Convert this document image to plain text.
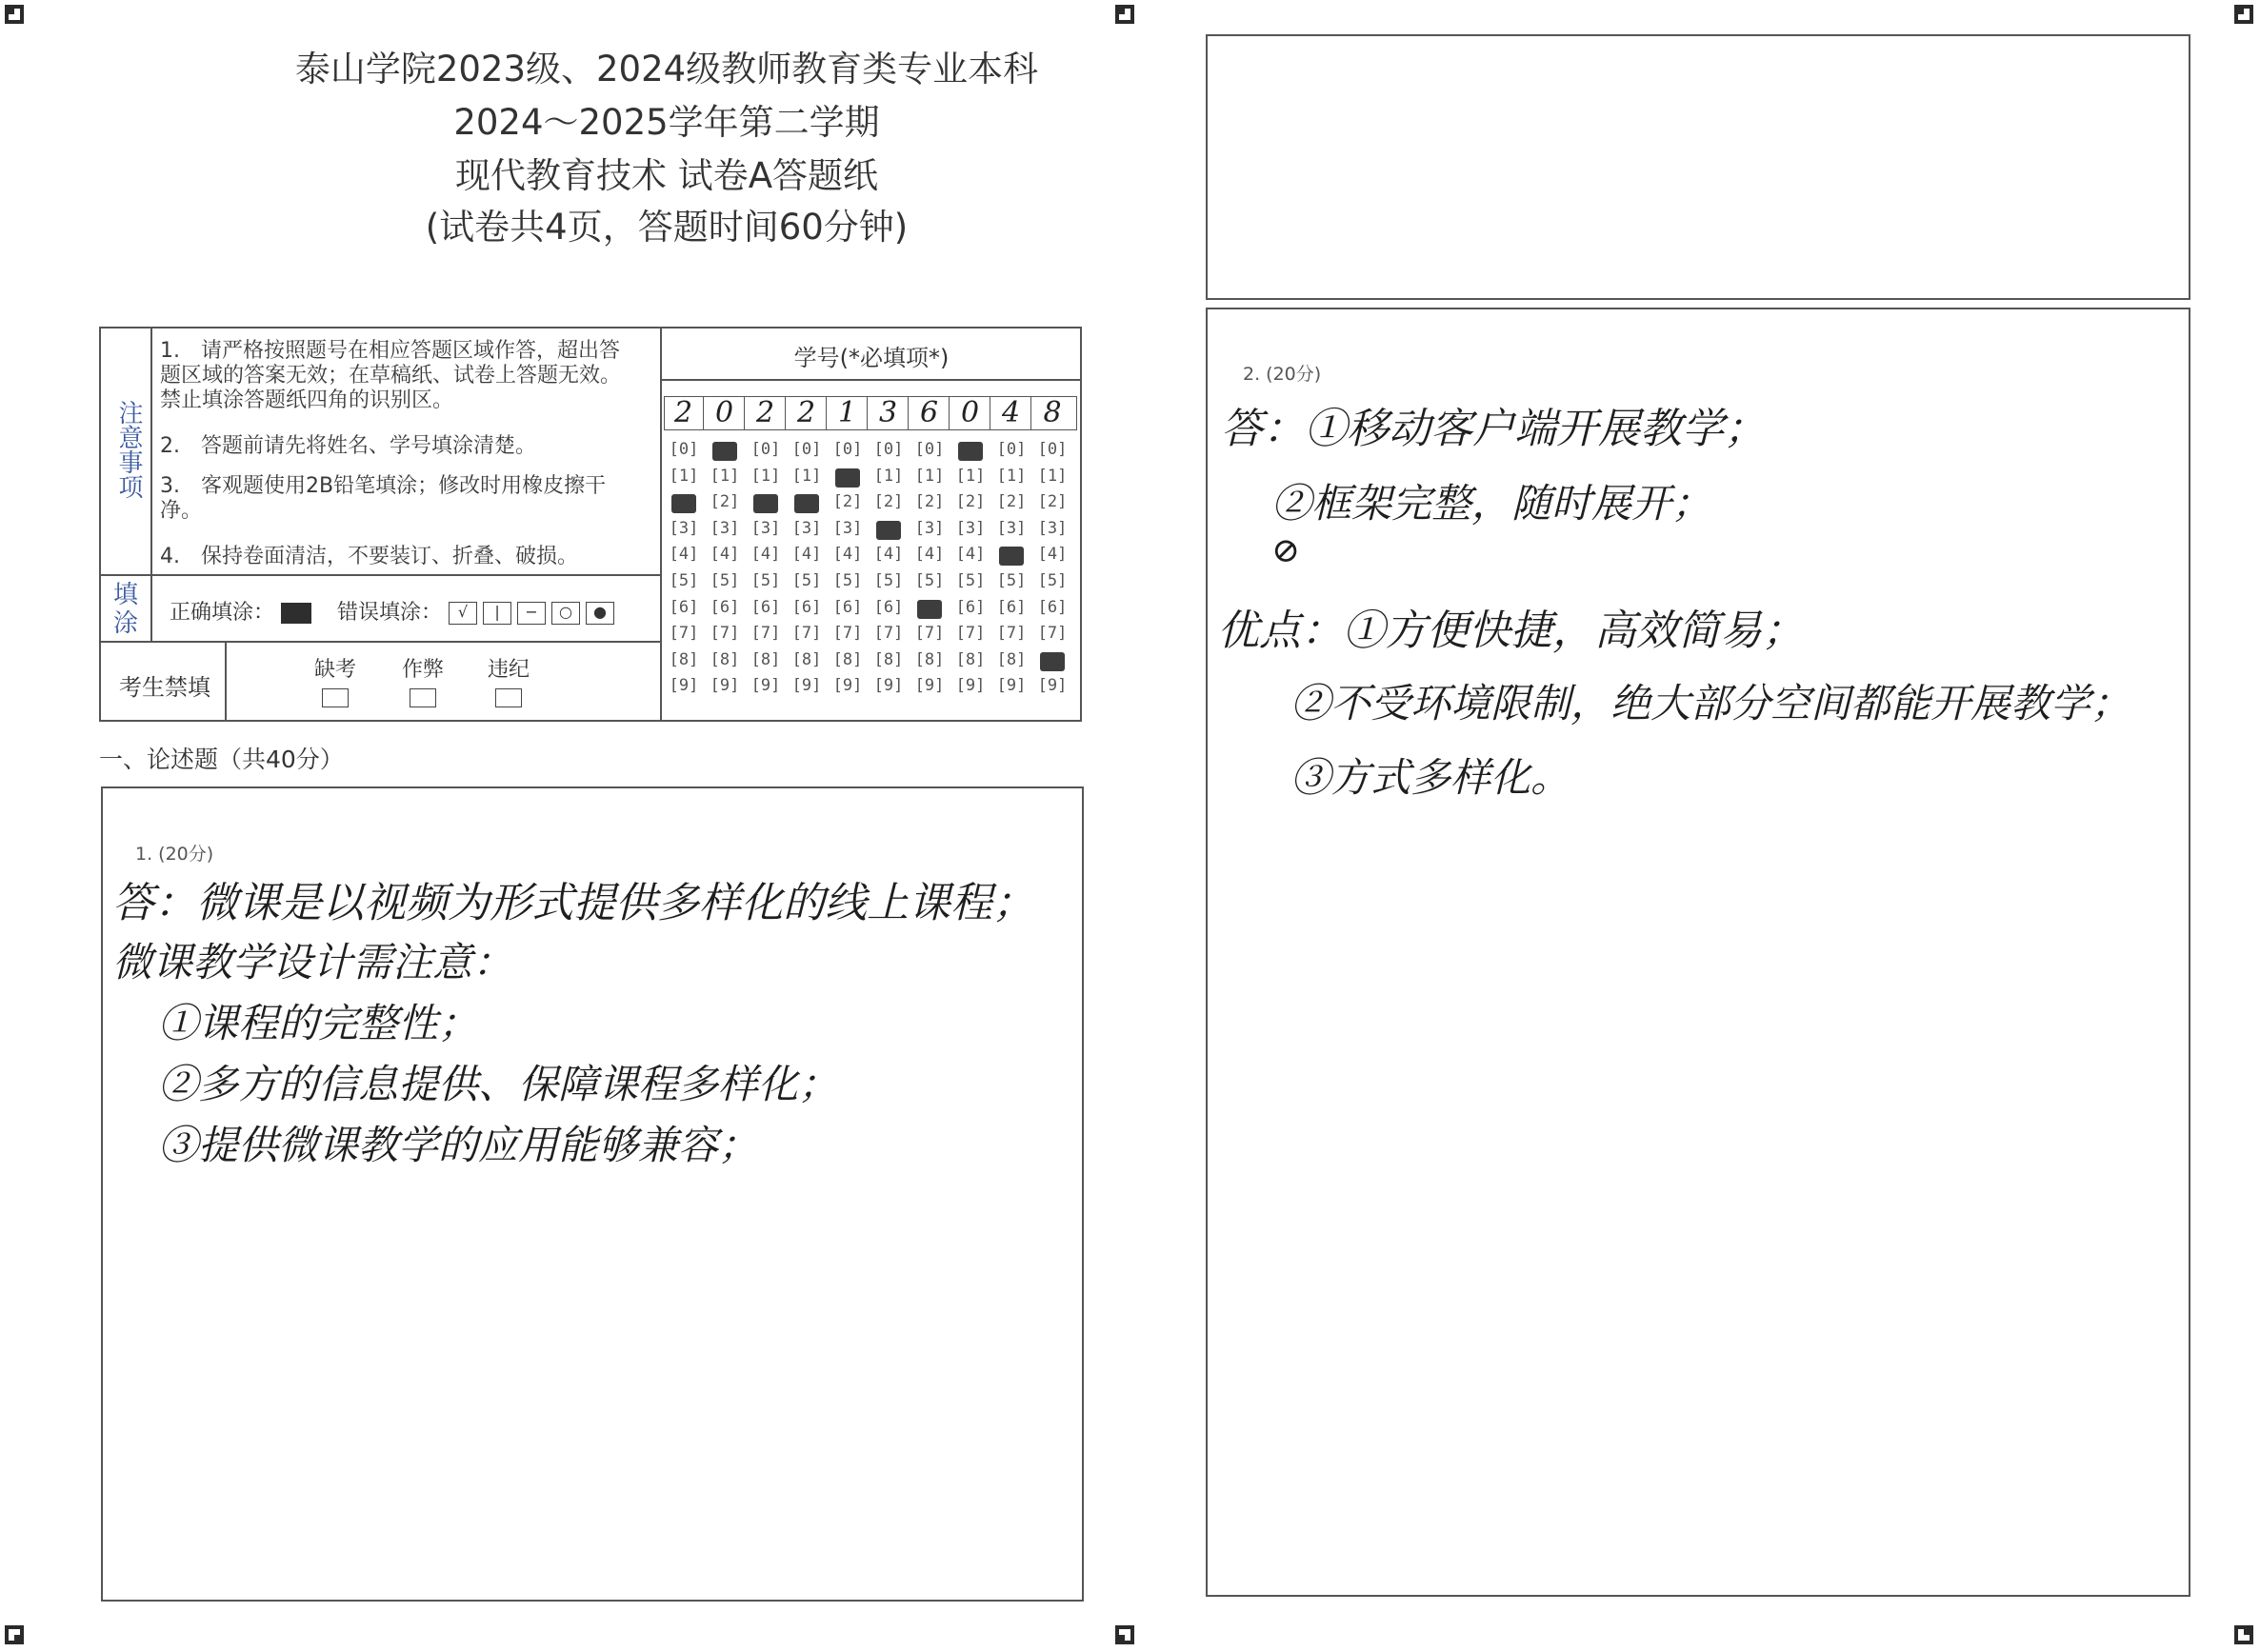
泰山学院2023级、2024级教师教育类专业本科
2024～2025学年第二学期
现代教育技术 试卷A答题纸
(试卷共4页，答题时间60分钟)
注意事项
1.　请严格按照题号在相应答题区域作答，超出答题区域的答案无效；在草稿纸、试卷上答题无效。禁止填涂答题纸四角的识别区。
2.　答题前请先将姓名、学号填涂清楚。
3.　客观题使用2B铅笔填涂；修改时用橡皮擦干净。
4.　保持卷面清洁，不要装订、折叠、破损。
填涂	正确填涂：	错误填涂： √ | − ○ ●
考生禁填
缺考 作弊 违纪
学号(*必填项*)
2 0 2 2 1 3 6 0 4 8
一、论述题（共40分）
1. (20分)
答：微课是以视频为形式提供多样化的线上课程；
微课教学设计需注意：
①课程的完整性；
②多方的信息提供、保障课程多样化；
③提供微课教学的应用能够兼容；
2. (20分)
答：①移动客户端开展教学；
②框架完整，随时展开；
⊘
优点：①方便快捷，高效简易；
②不受环境限制，绝大部分空间都能开展教学；
③方式多样化。
[0]
[1]
[3]
[4]
[5]
[6]
[7]
[8]
[9]
[1]
[2]
[3]
[4]
[5]
[6]
[7]
[8]
[9]
[0]
[1]
[3]
[4]
[5]
[6]
[7]
[8]
[9]
[0]
[1]
[3]
[4]
[5]
[6]
[7]
[8]
[9]
[0]
[2]
[3]
[4]
[5]
[6]
[7]
[8]
[9]
[0]
[1]
[2]
[4]
[5]
[6]
[7]
[8]
[9]
[0]
[1]
[2]
[3]
[4]
[5]
[7]
[8]
[9]
[1]
[2]
[3]
[4]
[5]
[6]
[7]
[8]
[9]
[0]
[1]
[2]
[3]
[5]
[6]
[7]
[8]
[9]
[0]
[1]
[2]
[3]
[4]
[5]
[6]
[7]
[9]
